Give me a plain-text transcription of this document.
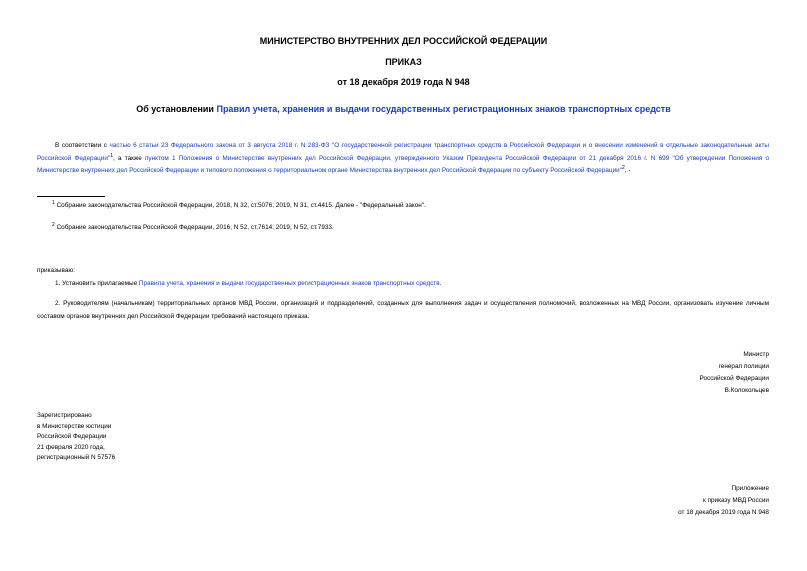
МИНИСТЕРСТВО ВНУТРЕННИХ ДЕЛ РОССИЙСКОЙ ФЕДЕРАЦИИ
ПРИКАЗ
от 18 декабря 2019 года N 948
Об установлении Правил учета, хранения и выдачи государственных регистрационных знаков транспортных средств
В соответствии с частью 6 статьи 23 Федерального закона от 3 августа 2018 г. N 283-ФЗ "О государственной регистрации транспортных средств в Российской Федерации и о внесении изменений в отдельные законодательные акты Российской Федерации"$^1$, а также пунктом 1 Положения о Министерстве внутренних дел Российской Федерации, утвержденного Указом Президента Российской Федерации от 21 декабря 2016 г. N 699 "Об утверждении Положения о Министерстве внутренних дел Российской Федерации и типового положения о территориальном органе Министерства внутренних дел Российской Федерации по субъекту Российской Федерации"$^2$, -
$^1$ Собрание законодательства Российской Федерации, 2018, N 32, ст.5076; 2019, N 31, ст.4415. Далее - "Федеральный закон".
$^2$ Собрание законодательства Российской Федерации, 2016, N 52, ст.7614; 2019, N 52, ст.7933.
приказываю:
1. Установить прилагаемые Правила учета, хранения и выдачи государственных регистрационных знаков транспортных средств.
2. Руководителям (начальникам) территориальных органов МВД России, организаций и подразделений, созданных для выполнения задач и осуществления полномочий, возложенных на МВД России, организовать изучение личным составом органов внутренних дел Российской Федерации требований настоящего приказа.
Министр
генерал полиции
Российской Федерации
В.Колокольцев
Зарегистрировано
в Министерстве юстиции
Российской Федерации
21 февраля 2020 года,
регистрационный N 57576
Приложение
к приказу МВД России
от 18 декабря 2019 года N 948
